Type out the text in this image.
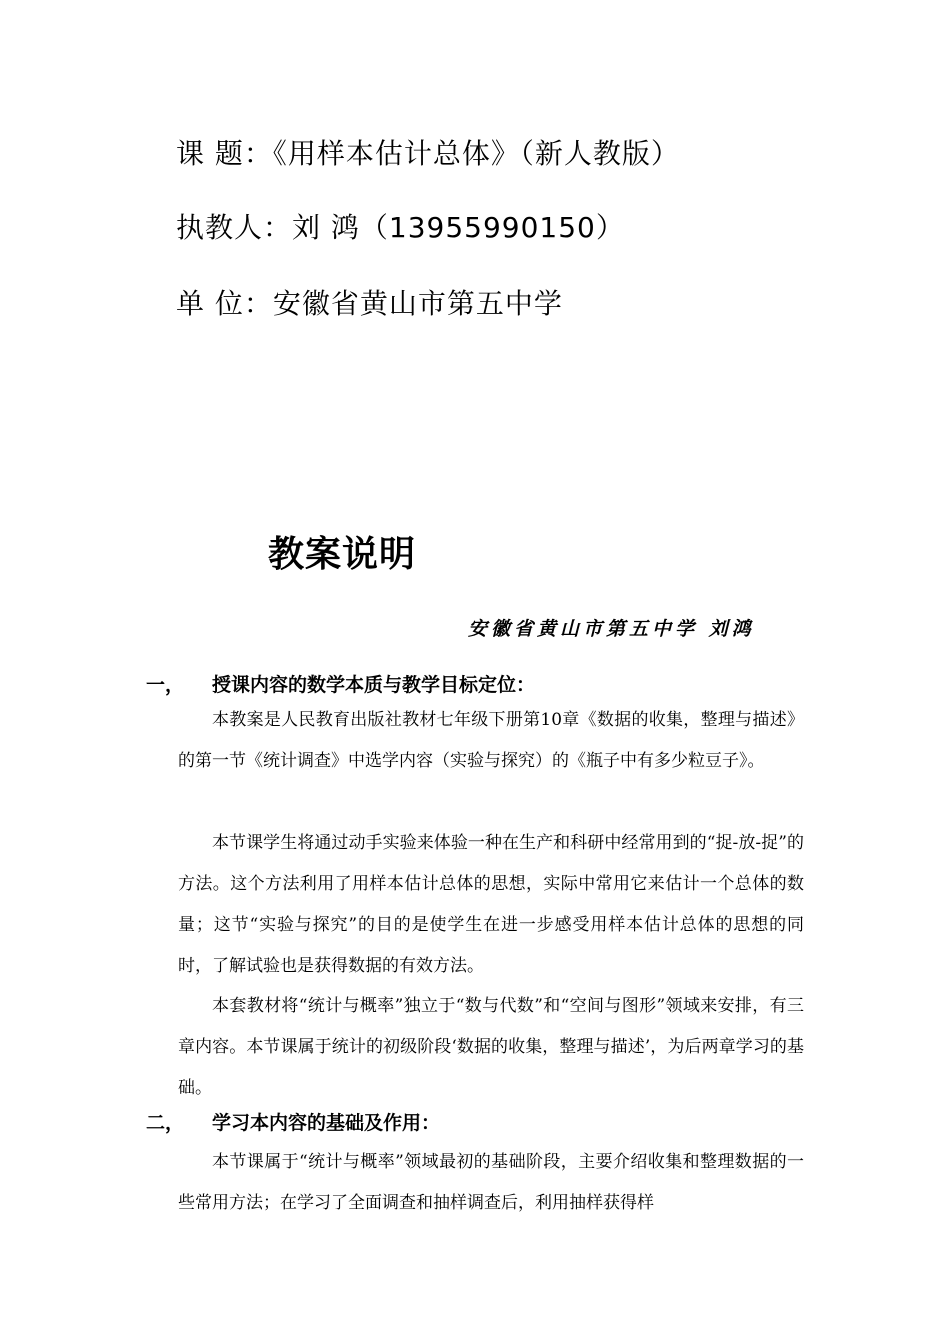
课 题：《用样本估计总体》（新人教版）
执教人：刘 鸿（13955990150）
单 位：安徽省黄山市第五中学
教案说明
安徽省黄山市第五中学 刘鸿
一， 授课内容的数学本质与教学目标定位：

本教案是人民教育出版社教材七年级下册第10章《数据的收集，整理与描述》的第一节《统计调查》中选学内容（实验与探究）的《瓶子中有多少粒豆子》。

本节课学生将通过动手实验来体验一种在生产和科研中经常用到的“捉-放-捉”的方法。这个方法利用了用样本估计总体的思想，实际中常用它来估计一个总体的数量；这节“实验与探究”的目的是使学生在进一步感受用样本估计总体的思想的同时，了解试验也是获得数据的有效方法。

本套教材将“统计与概率”独立于“数与代数”和“空间与图形”领域来安排，有三章内容。本节课属于统计的初级阶段‘数据的收集，整理与描述’，为后两章学习的基础。

二， 学习本内容的基础及作用：

本节课属于“统计与概率”领域最初的基础阶段，主要介绍收集和整理数据的一些常用方法；在学习了全面调查和抽样调查后，利用抽样获得样
